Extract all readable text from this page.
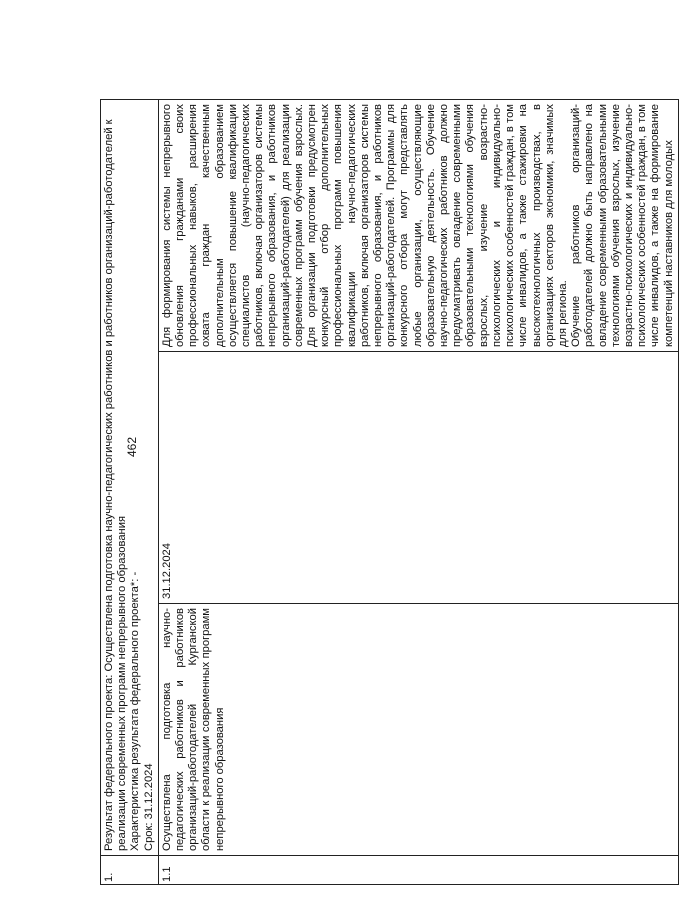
462
1.	Результат федерального проекта: Осуществлена подготовка научно-педагогических работников и работников организаций-работодателей к реализации современных программ непрерывного образования Характеристика результата федерального проекта*: - Срок: 31.12.2024		

1.1	Осуществлена подготовка научно-педагогических работников и работников организаций-работодателей Курганской области к реализации современных программ непрерывного образования	31.12.2024	Для формирования системы непрерывного обновления гражданами своих профессиональных навыков, расширения охвата граждан качественным дополнительным образованием осуществляется повышение квалификации специалистов (научно-педагогических работников, включая организаторов системы непрерывного образования, и работников организаций-работодателей) для реализации современных программ обучения взрослых. Для организации подготовки предусмотрен конкурсный отбор дополнительных профессиональных программ повышения квалификации научно-педагогических работников, включая организаторов системы непрерывного образования, и работников организаций-работодателей. Программы для конкурсного отбора могут представлять любые организации, осуществляющие образовательную деятельность. Обучение научно-педагогических работников должно предусматривать овладение современными образовательными технологиями обучения взрослых, изучение возрастно-психологических и индивидуально-психологических особенностей граждан, в том числе инвалидов, а также стажировки на высокотехнологичных производствах, в организациях секторов экономики, значимых для региона. Обучение работников организаций-работодателей должно быть направлено на овладение современными образовательными технологиями обучения взрослых, изучение возрастно-психологических и индивидуально-психологических особенностей граждан, в том числе инвалидов, а также на формирование компетенций наставников для молодых
